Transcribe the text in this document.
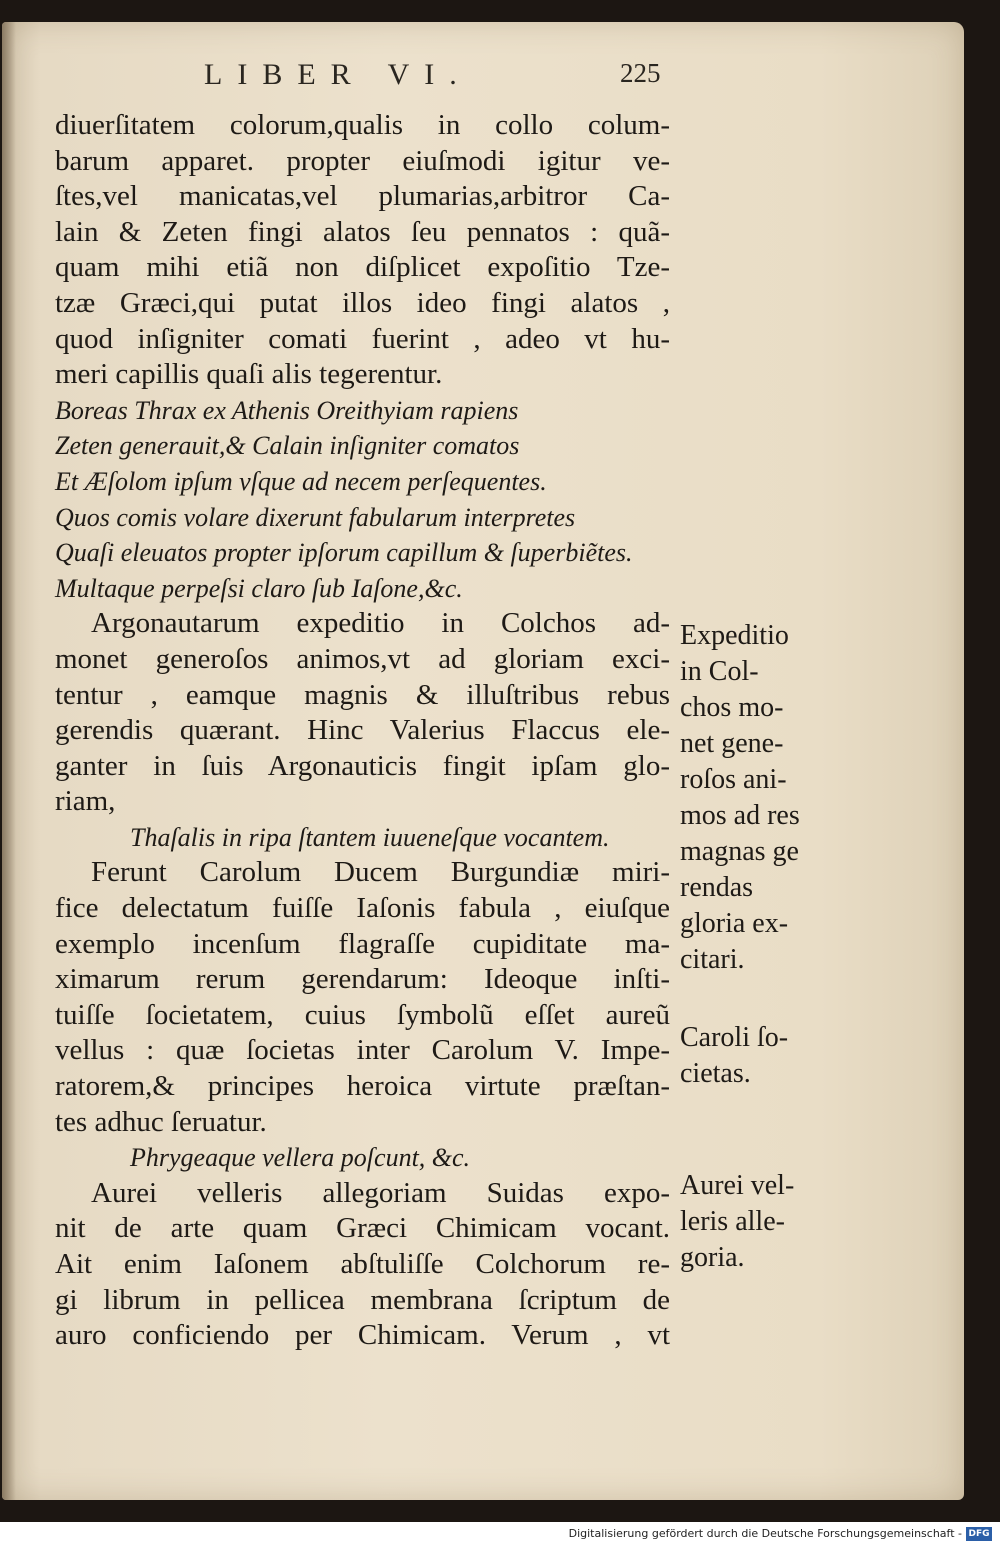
LIBER VI.	225
diuerſitatem colorum,qualis in collo colum-
barum apparet. propter eiuſmodi igitur ve-
ſtes,vel manicatas,vel plumarias,arbitror Ca-
lain & Zeten fingi alatos ſeu pennatos : quã-
quam mihi etiã non diſplicet expoſitio Tze-
tzæ Græci,qui putat illos ideo fingi alatos ,
quod inſigniter comati fuerint , adeo vt hu-
meri capillis quaſi alis tegerentur.
Boreas Thrax ex Athenis Oreithyiam rapiens
Zeten generauit,& Calain inſigniter comatos
Et Æſolom ipſum vſque ad necem perſequentes.
Quos comis volare dixerunt fabularum interpretes
Quaſi eleuatos propter ipſorum capillum & ſuperbiẽtes.
Multaque perpeſsi claro ſub Iaſone,&c.
Argonautarum expeditio in Colchos ad-
monet generoſos animos,vt ad gloriam exci-
tentur , eamque magnis & illuſtribus rebus
gerendis quærant. Hinc Valerius Flaccus ele-
ganter in ſuis Argonauticis fingit ipſam glo-
riam,
Thaſalis in ripa ſtantem iuueneſque vocantem.
Ferunt Carolum Ducem Burgundiæ miri-
fice delectatum fuiſſe Iaſonis fabula , eiuſque
exemplo incenſum flagraſſe cupiditate ma-
ximarum rerum gerendarum: Ideoque inſti-
tuiſſe ſocietatem, cuius ſymbolũ eſſet aureũ
vellus : quæ ſocietas inter Carolum V. Impe-
ratorem,& principes heroica virtute præſtan-
tes adhuc ſeruatur.
Phrygeaque vellera poſcunt, &c.
Aurei velleris allegoriam Suidas expo-
nit de arte quam Græci Chimicam vocant.
Ait enim Iaſonem abſtuliſſe Colchorum re-
gi librum in pellicea membrana ſcriptum de
auro conficiendo per Chimicam. Verum , vt
Expeditio
in Col-
chos mo-
net gene-
roſos ani-
mos ad res
magnas ge
rendas
gloria ex-
citari.
Caroli ſo-
cietas.
Aurei vel-
leris alle-
goria.
Digitalisierung gefördert durch die Deutsche Forschungsgemeinschaft - DFG
